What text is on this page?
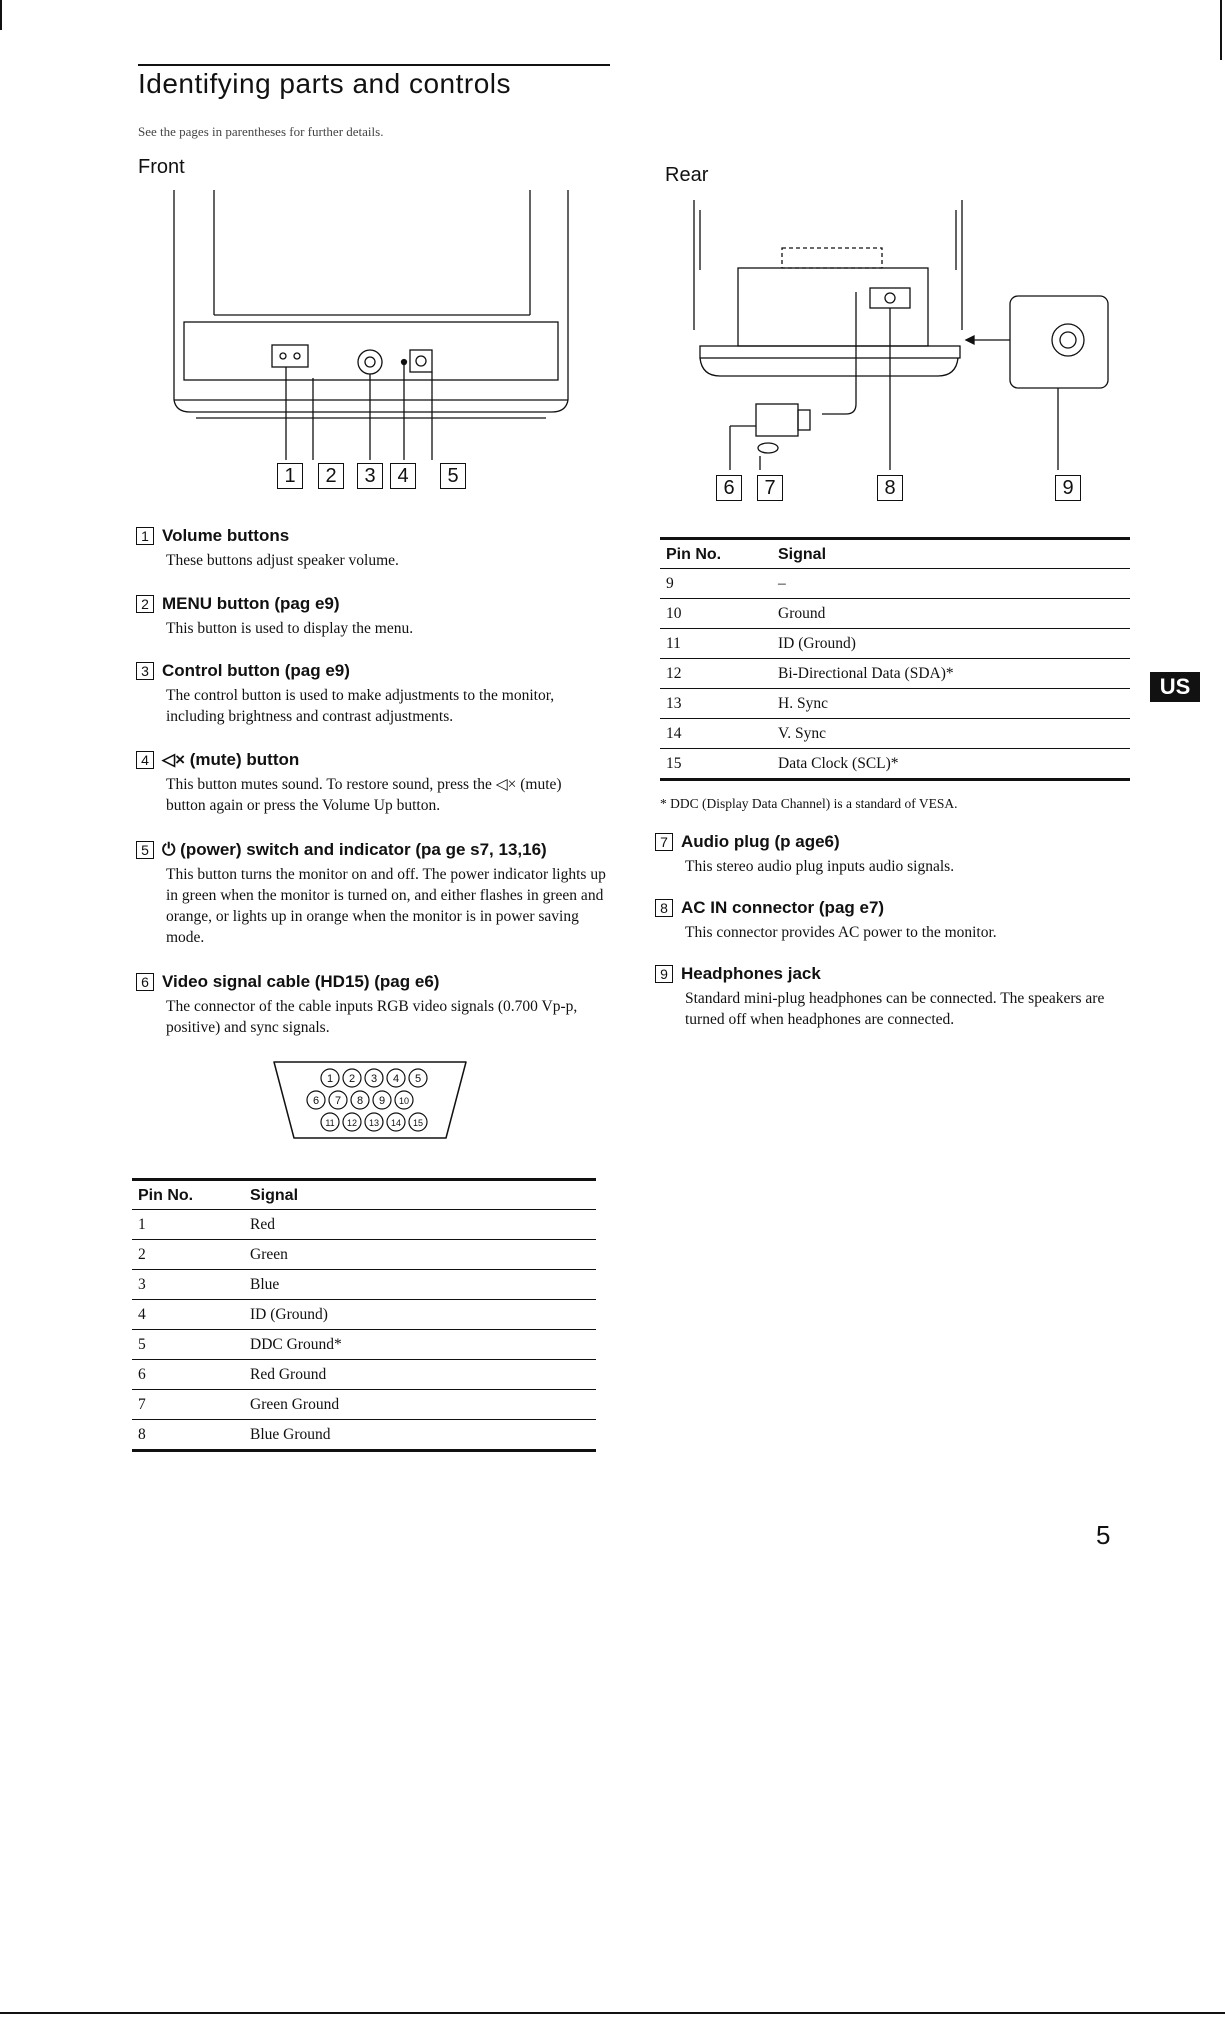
Identifying parts and controls
See the pages in parentheses for further details.
Front
1	2	3	4	5
1 Volume buttons
These buttons adjust speaker volume.
2 MENU button (pag e9)
This button is used to display the menu.
3 Control button (pag e9)
The control button is used to make adjustments to the monitor, including brightness and contrast adjustments.
4 ◁× (mute) button
This button mutes sound. To restore sound, press the ◁× (mute) button again or press the Volume Up button.
5 ⏻ (power) switch and indicator (pa ge s7, 13,16)
This button turns the monitor on and off. The power indicator lights up in green when the monitor is turned on, and either flashes in green and orange, or lights up in orange when the monitor is in power saving mode.
6 Video signal cable (HD15) (pag e6)
The connector of the cable inputs RGB video signals (0.700 Vp-p, positive) and sync signals.
1 2 3 4 5
6 7 8 9 10
11 12 13 14 15
Pin No.	Signal
1	Red
2	Green
3	Blue
4	ID (Ground)
5	DDC Ground*
6	Red Ground
7	Green Ground
8	Blue Ground
Rear
6	7	8	9
Pin No.	Signal
9	–
10	Ground
11	ID (Ground)
12	Bi-Directional Data (SDA)*
13	H. Sync
14	V. Sync
15	Data Clock (SCL)*
* DDC (Display Data Channel) is a standard of VESA.
7 Audio plug (p age6)
This stereo audio plug inputs audio signals.
8 AC IN connector (pag e7)
This connector provides AC power to the monitor.
9 Headphones jack
Standard mini-plug headphones can be connected. The speakers are turned off when headphones are connected.
US
5
